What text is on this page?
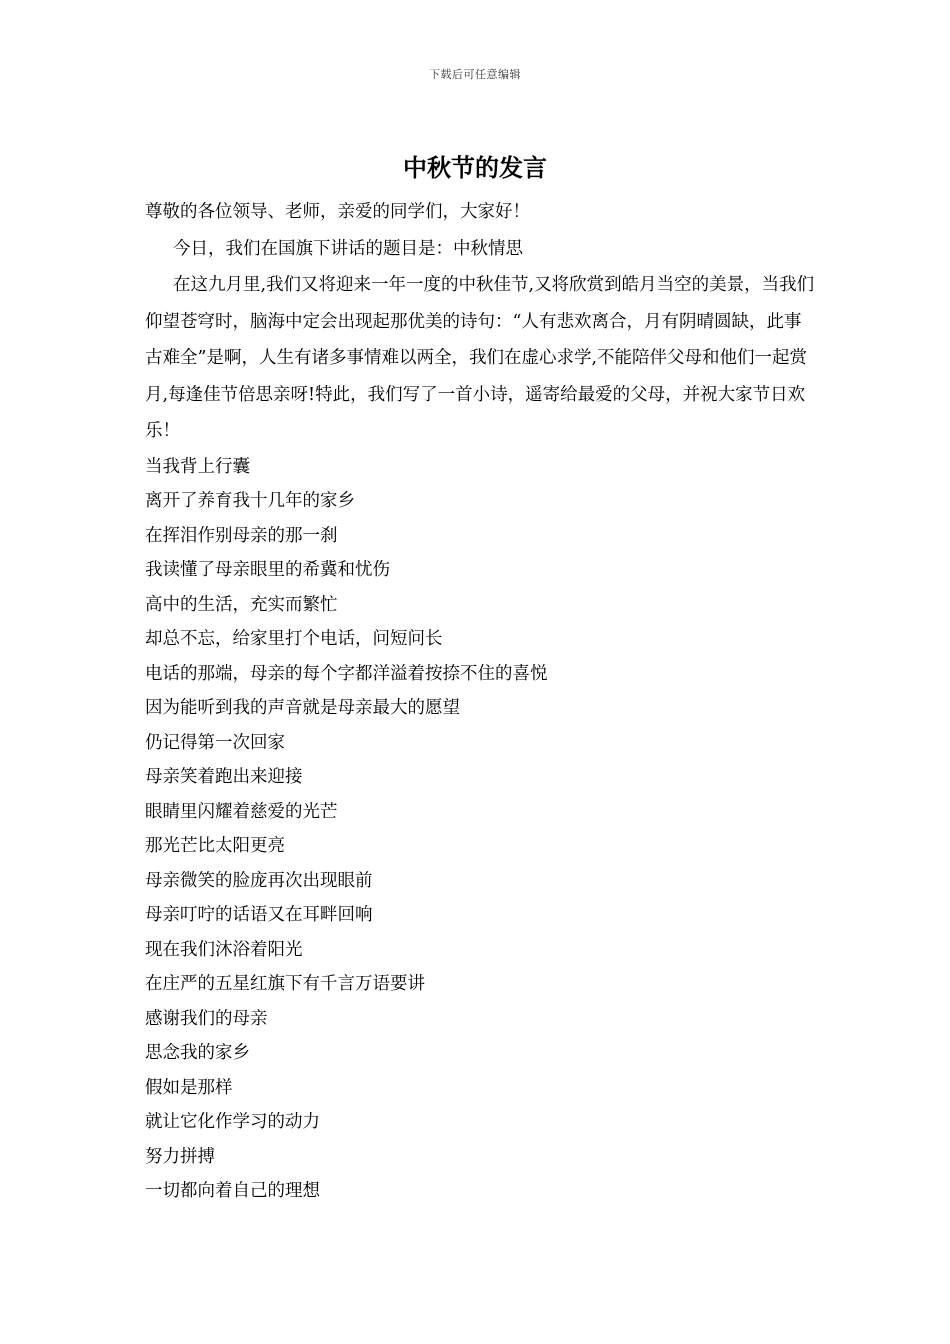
下载后可任意编辑
中秋节的发言

尊敬的各位领导、老师，亲爱的同学们，大家好！

今日，我们在国旗下讲话的题目是：中秋情思

在这九月里,我们又将迎来一年一度的中秋佳节,又将欣赏到皓月当空的美景，当我们仰望苍穹时，脑海中定会出现起那优美的诗句：“人有悲欢离合，月有阴晴圆缺，此事古难全”是啊，人生有诸多事情难以两全，我们在虚心求学,不能陪伴父母和他们一起赏月,每逢佳节倍思亲呀!特此，我们写了一首小诗，遥寄给最爱的父母，并祝大家节日欢乐！

当我背上行囊

离开了养育我十几年的家乡

在挥泪作别母亲的那一刹

我读懂了母亲眼里的希冀和忧伤

高中的生活，充实而繁忙

却总不忘，给家里打个电话，问短问长

电话的那端，母亲的每个字都洋溢着按捺不住的喜悦

因为能听到我的声音就是母亲最大的愿望

仍记得第一次回家

母亲笑着跑出来迎接

眼睛里闪耀着慈爱的光芒

那光芒比太阳更亮

母亲微笑的脸庞再次出现眼前

母亲叮咛的话语又在耳畔回响

现在我们沐浴着阳光

在庄严的五星红旗下有千言万语要讲

感谢我们的母亲

思念我的家乡

假如是那样

就让它化作学习的动力

努力拼搏

一切都向着自己的理想
